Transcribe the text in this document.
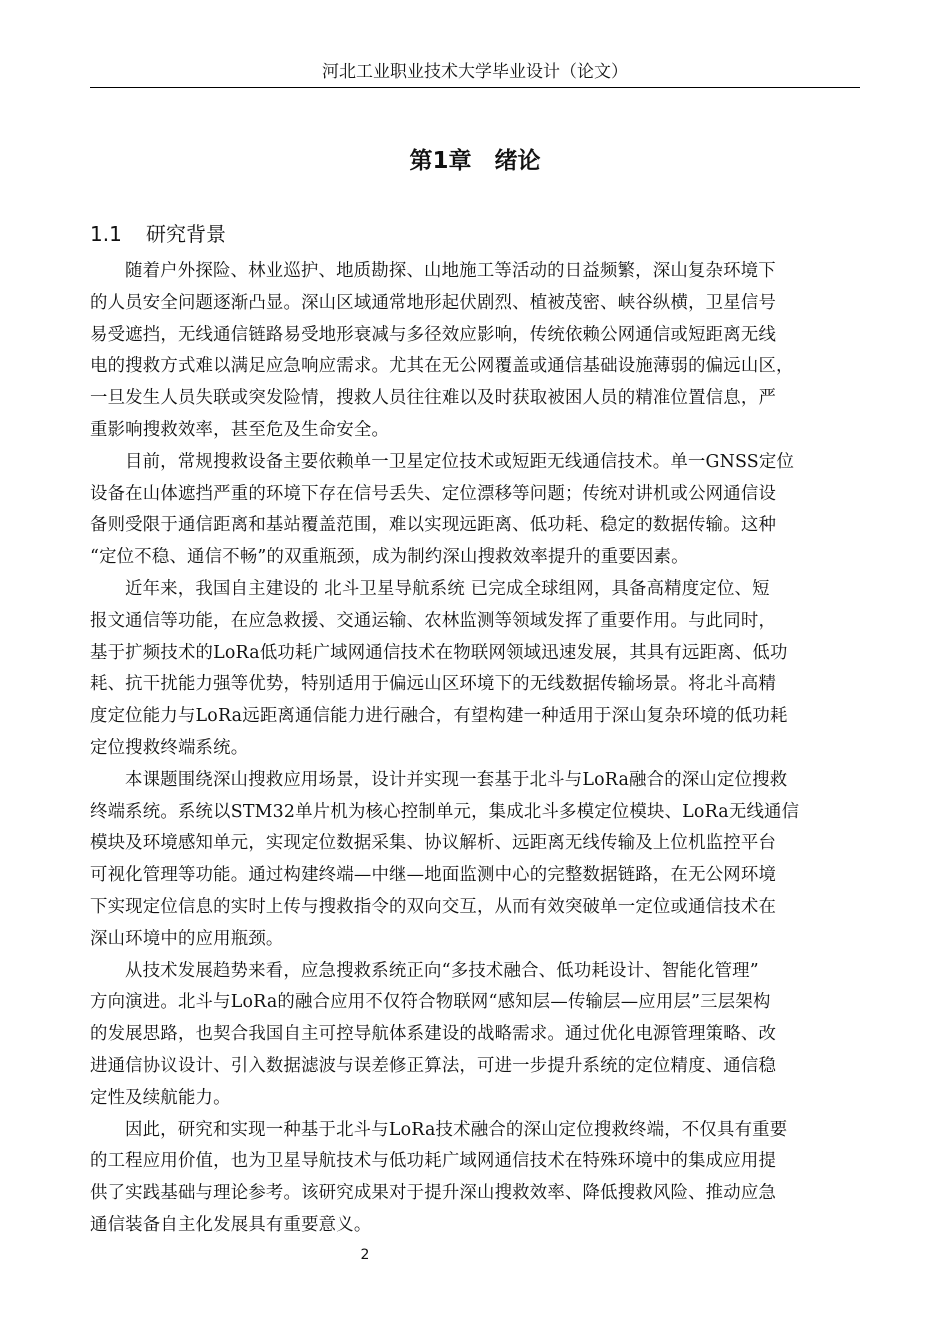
河北工业职业技术大学毕业设计（论文）
第1章　绪论
1.1 研究背景
随着户外探险、林业巡护、地质勘探、山地施工等活动的日益频繁，深山复杂环境下
的人员安全问题逐渐凸显。深山区域通常地形起伏剧烈、植被茂密、峡谷纵横，卫星信号
易受遮挡，无线通信链路易受地形衰减与多径效应影响，传统依赖公网通信或短距离无线
电的搜救方式难以满足应急响应需求。尤其在无公网覆盖或通信基础设施薄弱的偏远山区，
一旦发生人员失联或突发险情，搜救人员往往难以及时获取被困人员的精准位置信息，严
重影响搜救效率，甚至危及生命安全。
目前，常规搜救设备主要依赖单一卫星定位技术或短距无线通信技术。单一GNSS定位
设备在山体遮挡严重的环境下存在信号丢失、定位漂移等问题；传统对讲机或公网通信设
备则受限于通信距离和基站覆盖范围，难以实现远距离、低功耗、稳定的数据传输。这种
“定位不稳、通信不畅”的双重瓶颈，成为制约深山搜救效率提升的重要因素。
近年来，我国自主建设的 北斗卫星导航系统 已完成全球组网，具备高精度定位、短
报文通信等功能，在应急救援、交通运输、农林监测等领域发挥了重要作用。与此同时，
基于扩频技术的LoRa低功耗广域网通信技术在物联网领域迅速发展，其具有远距离、低功
耗、抗干扰能力强等优势，特别适用于偏远山区环境下的无线数据传输场景。将北斗高精
度定位能力与LoRa远距离通信能力进行融合，有望构建一种适用于深山复杂环境的低功耗
定位搜救终端系统。
本课题围绕深山搜救应用场景，设计并实现一套基于北斗与LoRa融合的深山定位搜救
终端系统。系统以STM32单片机为核心控制单元，集成北斗多模定位模块、LoRa无线通信
模块及环境感知单元，实现定位数据采集、协议解析、远距离无线传输及上位机监控平台
可视化管理等功能。通过构建终端—中继—地面监测中心的完整数据链路，在无公网环境
下实现定位信息的实时上传与搜救指令的双向交互，从而有效突破单一定位或通信技术在
深山环境中的应用瓶颈。
从技术发展趋势来看，应急搜救系统正向“多技术融合、低功耗设计、智能化管理”
方向演进。北斗与LoRa的融合应用不仅符合物联网“感知层—传输层—应用层”三层架构
的发展思路，也契合我国自主可控导航体系建设的战略需求。通过优化电源管理策略、改
进通信协议设计、引入数据滤波与误差修正算法，可进一步提升系统的定位精度、通信稳
定性及续航能力。
因此，研究和实现一种基于北斗与LoRa技术融合的深山定位搜救终端，不仅具有重要
的工程应用价值，也为卫星导航技术与低功耗广域网通信技术在特殊环境中的集成应用提
供了实践基础与理论参考。该研究成果对于提升深山搜救效率、降低搜救风险、推动应急
通信装备自主化发展具有重要意义。
2
